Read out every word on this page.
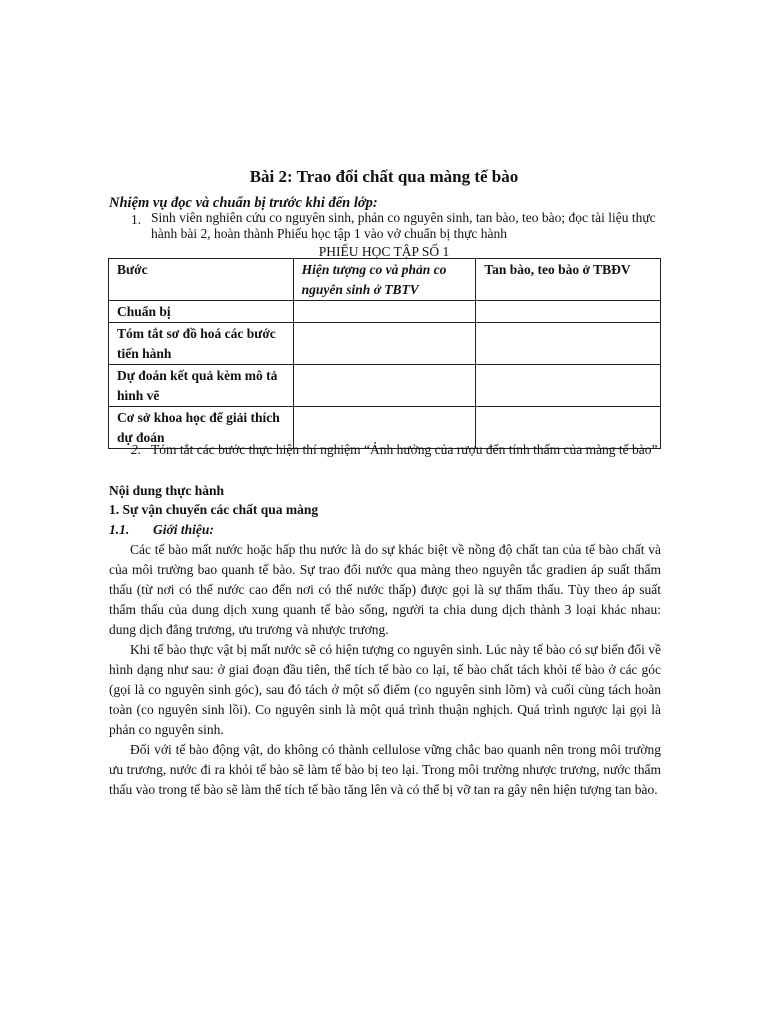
Bài 2: Trao đổi chất qua màng tế bào
Nhiệm vụ đọc và chuẩn bị trước khi đến lớp:
1. Sinh viên nghiên cứu co nguyên sinh, phản co nguyên sinh, tan bào, teo bào; đọc tài liệu thực hành bài 2, hoàn thành Phiếu học tập 1 vào vở chuẩn bị thực hành
PHIẾU HỌC TẬP SỐ 1
Bước	Hiện tượng co và phản co nguyên sinh ở TBTV	Tan bào, teo bào ở TBĐV
Chuẩn bị		
Tóm tắt sơ đồ hoá các bước tiến hành		
Dự đoán kết quả kèm mô tả hình vẽ		
Cơ sở khoa học để giải thích dự đoán		
2. Tóm tắt các bước thực hiện thí nghiệm “Ảnh hưởng của rượu đến tính thấm của màng tế bào”
Nội dung thực hành
1. Sự vận chuyển các chất qua màng
1.1. Giới thiệu:

Các tế bào mất nước hoặc hấp thu nước là do sự khác biệt về nồng độ chất tan của tế bào chất và của môi trường bao quanh tế bào. Sự trao đổi nước qua màng theo nguyên tắc gradien áp suất thẩm thấu (từ nơi có thế nước cao đến nơi có thế nước thấp) được gọi là sự thẩm thấu. Tùy theo áp suất thẩm thấu của dung dịch xung quanh tế bào sống, người ta chia dung dịch thành 3 loại khác nhau: dung dịch đẳng trương, ưu trương và nhược trương.

Khi tế bào thực vật bị mất nước sẽ có hiện tượng co nguyên sinh. Lúc này tế bào có sự biến đổi về hình dạng như sau: ở giai đoạn đầu tiên, thể tích tế bào co lại, tế bào chất tách khỏi tế bào ở các góc (gọi là co nguyên sinh góc), sau đó tách ở một số điểm (co nguyên sinh lõm) và cuối cùng tách hoàn toàn (co nguyên sinh lồi). Co nguyên sinh là một quá trình thuận nghịch. Quá trình ngược lại gọi là phản co nguyên sinh.

Đối với tế bào động vật, do không có thành cellulose vững chắc bao quanh nên trong môi trường ưu trương, nước đi ra khỏi tế bào sẽ làm tế bào bị teo lại. Trong môi trường nhược trương, nước thẩm thấu vào trong tế bào sẽ làm thể tích tế bào tăng lên và có thể bị vỡ tan ra gây nên hiện tượng tan bào.
